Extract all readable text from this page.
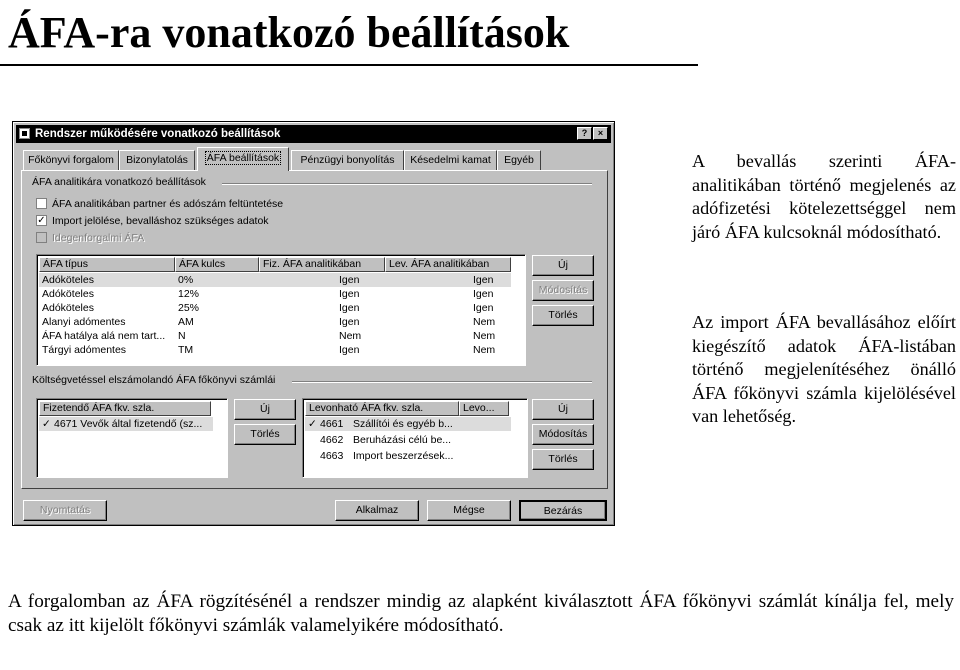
ÁFA-ra vonatkozó beállítások
A bevallás szerinti ÁFA-analitikában történő megjelenés az adófizetési kötelezettséggel nem járó ÁFA kulcsoknál módosítható.
Az import ÁFA bevallásához előírt kiegészítő adatok ÁFA-listában történő megjelenítéséhez önálló ÁFA főkönyvi számla kijelölésével van lehetőség.
A forgalomban az ÁFA rögzítésénél a rendszer mindig az alapként kiválasztott ÁFA főkönyvi számlát kínálja fel, mely csak az itt kijelölt főkönyvi számlák valamelyikére módosítható.
Rendszer működésére vonatkozó beállítások	?	×
Főkönyvi forgalom	Bizonylatolás	ÁFA beállítások	Pénzügyi bonyolítás	Késedelmi kamat	Egyéb
ÁFA analitikára vonatkozó beállítások
ÁFA analitikában partner és adószám feltüntetése
✓ Import jelölése, bevalláshoz szükséges adatok
Idegenforgalmi ÁFA
ÁFA típus	ÁFA kulcs	Fiz. ÁFA analitikában	Lev. ÁFA analitikában
Adóköteles	0%	Igen	Igen
Adóköteles	12%	Igen	Igen
Adóköteles	25%	Igen	Igen
Alanyi adómentes	AM	Igen	Nem
ÁFA hatálya alá nem tart...	N	Nem	Nem
Tárgyi adómentes	TM	Igen	Nem
Új
Módosítás
Törlés
Költségvetéssel elszámolandó ÁFA főkönyvi számlái
Fizetendő ÁFA fkv. szla.
✓ 4671 Vevők által fizetendő (sz...
Új
Törlés
Levonható ÁFA fkv. szla.	Levo...
✓ 4661 Szállítói és egyéb b...
4662 Beruházási célú be...
4663 Import beszerzések...
Új
Módosítás
Törlés
Nyomtatás	Alkalmaz	Mégse	Bezárás
